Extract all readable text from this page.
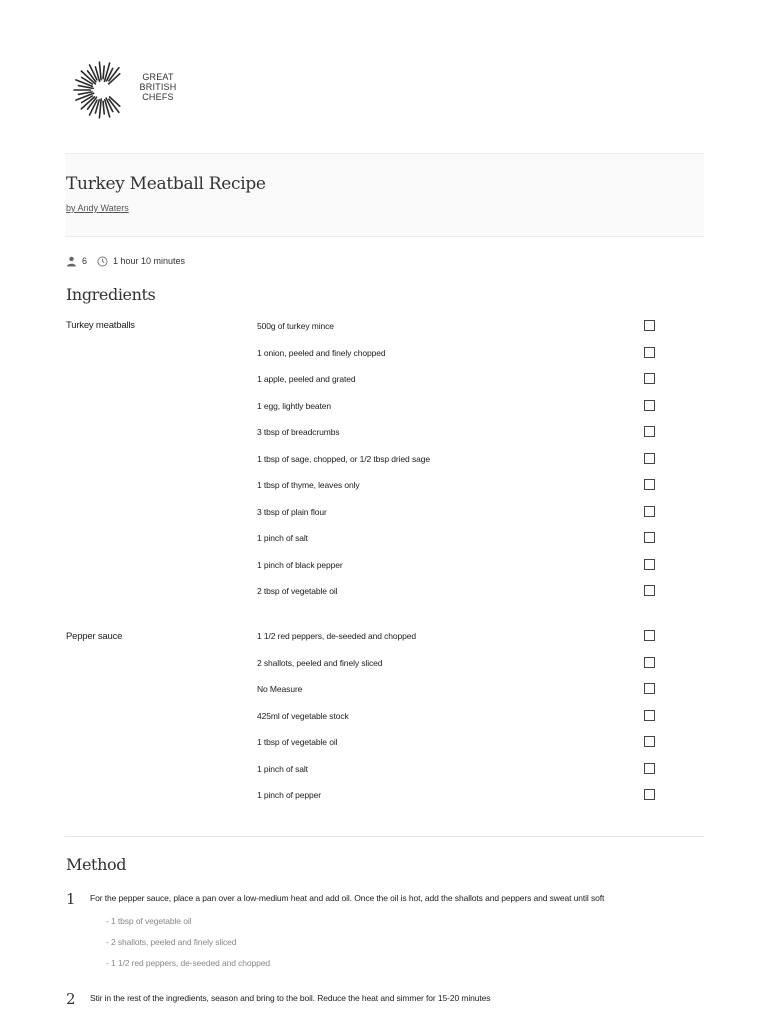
GREAT
BRITISH
CHEFS
Turkey Meatball Recipe
by Andy Waters
6	1 hour 10 minutes
Ingredients
Turkey meatballs
Pepper sauce
500g of turkey mince
1 onion, peeled and finely chopped
1 apple, peeled and grated
1 egg, lightly beaten
3 tbsp of breadcrumbs
1 tbsp of sage, chopped, or 1/2 tbsp dried sage
1 tbsp of thyme, leaves only
3 tbsp of plain flour
1 pinch of salt
1 pinch of black pepper
2 tbsp of vegetable oil
1 1/2 red peppers, de-seeded and chopped
2 shallots, peeled and finely sliced
No Measure
425ml of vegetable stock
1 tbsp of vegetable oil
1 pinch of salt
1 pinch of pepper
Method
1 For the pepper sauce, place a pan over a low-medium heat and add oil. Once the oil is hot, add the shallots and peppers and sweat until soft
- 1 tbsp of vegetable oil
- 2 shallots, peeled and finely sliced
- 1 1/2 red peppers, de-seeded and chopped
2 Stir in the rest of the ingredients, season and bring to the boil. Reduce the heat and simmer for 15-20 minutes
